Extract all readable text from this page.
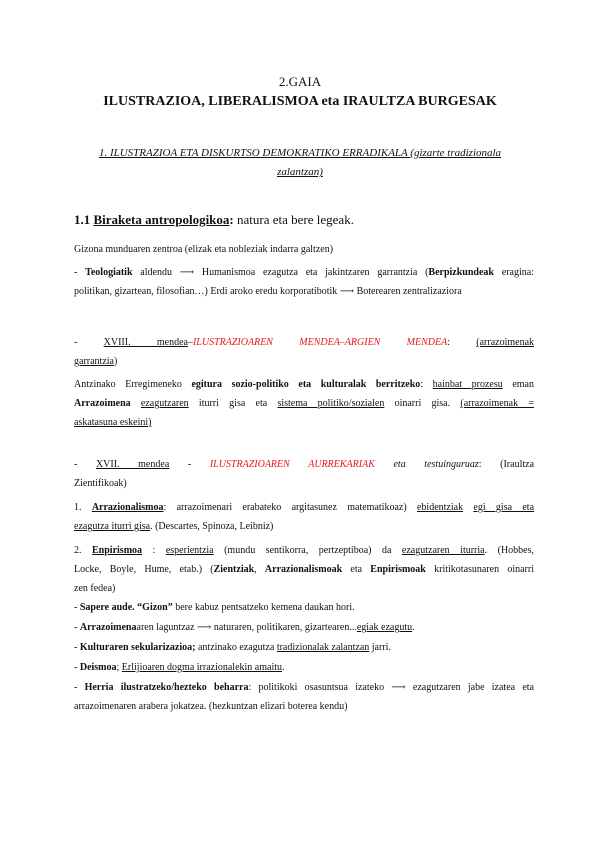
2.GAIA
ILUSTRAZIOA, LIBERALISMOA eta IRAULTZA BURGESAK
1. ILUSTRAZIOA ETA DISKURTSO DEMOKRATIKO ERRADIKALA (gizarte tradizionala
zalantzan)
1.1 Biraketa antropologikoa: natura eta bere legeak.
Gizona munduaren zentroa (elizak eta nobleziak indarra galtzen)
- Teologiatik aldendu ⟶ Humanismoa ezagutza eta jakintzaren garrantzia (Berpizkundeak eragina:
politikan, gizartean, filosofian…) Erdi aroko eredu korporatibotik ⟶ Boterearen zentralizaziora
-	XVIII. mendea–ILUSTRAZIOAREN MENDEA–ARGIEN MENDEA:	(arrazoimenak
garrantzia)
Antzinako Erregimeneko egitura sozio-politiko eta kulturalak berritzeko: hainbat prozesu eman
Arrazoimena ezagutzaren iturri gisa eta sistema politiko/sozialen oinarri gisa. (arrazoimenak =
askatasuna eskeini)
- XVII. mendea - ILUSTRAZIOAREN AURREKARIAK eta testuinguruaz: (Iraultza
Zientifikoak)
1. Arrazionalismoa: arrazoimenari erabateko argitasunez matematikoaz) ebidentziak egi gisa eta
ezagutza iturri gisa. (Descartes, Spinoza, Leibniz)
2. Enpirismoa : esperientzia (mundu sentikorra, pertzeptiboa) da ezagutzaren iturria. (Hobbes,
Locke, Boyle, Hume, etab.) (Zientziak, Arrazionalismoak eta Enpirismoak kritikotasunaren oinarri
zen fedea)
- Sapere aude. “Gizon” bere kabuz pentsatzeko kemena daukan hori.
- Arrazoimenaaren laguntzaz ⟶ naturaren, politikaren, gizartearen...egiak ezagutu.
- Kulturaren sekularizazioa; antzinako ezagutza tradizionalak zalantzan jarri.
- Deismoa; Erlijioaren dogma irrazionalekin amaitu.
- Herria ilustratzeko/hezteko beharra: politikoki osasuntsua izateko ⟶ ezagutzaren jabe izatea eta
arrazoimenaren arabera jokatzea. (hezkuntzan elizari boterea kendu)
